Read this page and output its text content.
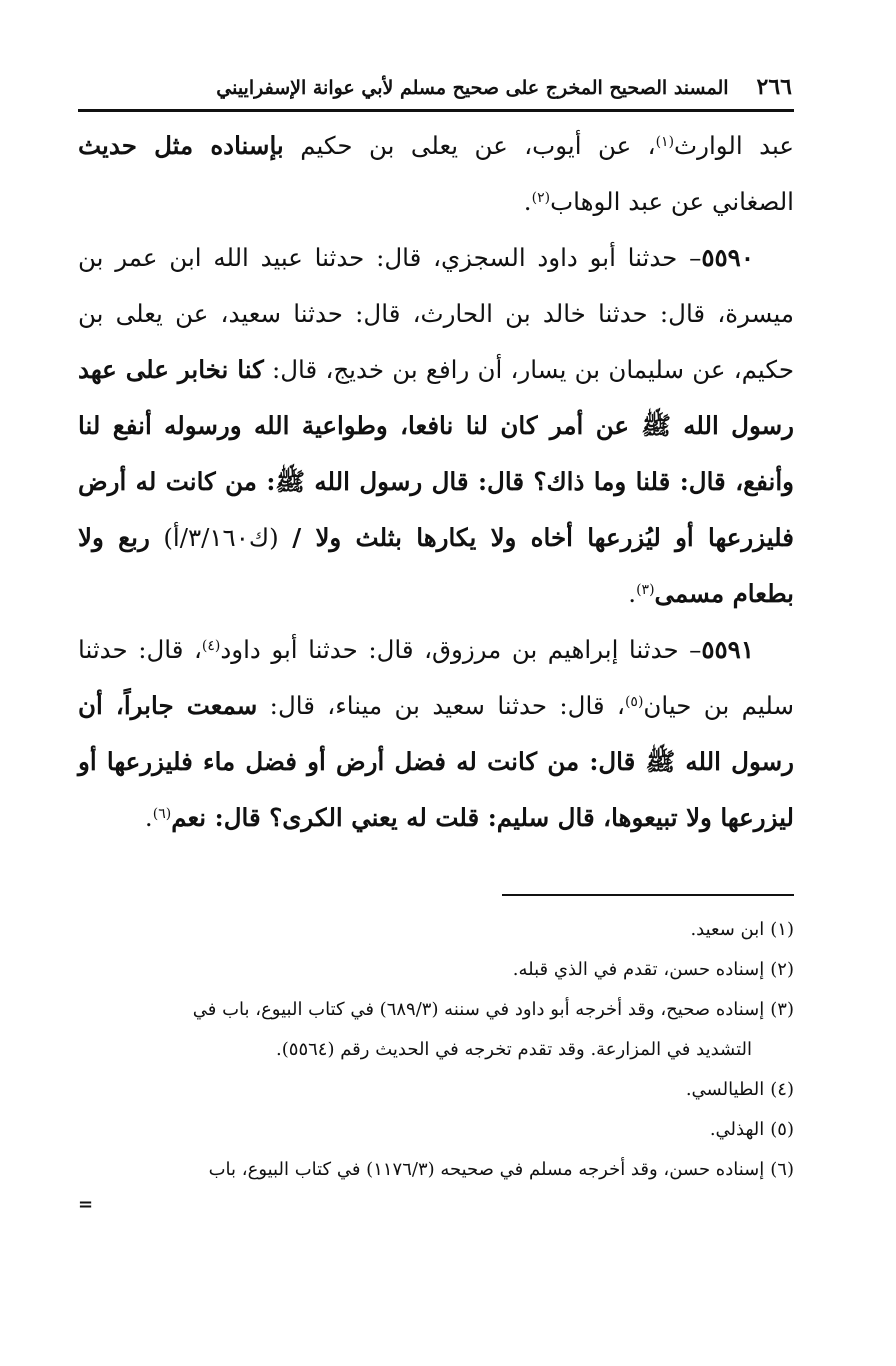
٢٦٦
المسند الصحيح المخرج على صحيح مسلم لأبي عوانة الإسفراييني

عبد الوارث$^{(١)}$، عن أيوب، عن يعلى بن حكيم بإسناده مثل حديث الصغاني عن عبد الوهاب$^{(٢)}$.

٥٥٩٠– حدثنا أبو داود السجزي، قال: حدثنا عبيد الله ابن عمر بن ميسرة، قال: حدثنا خالد بن الحارث، قال: حدثنا سعيد، عن يعلى بن حكيم، عن سليمان بن يسار، أن رافع بن خديج، قال: كنا نخابر على عهد رسول الله ﷺ عن أمر كان لنا نافعا، وطواعية الله ورسوله أنفع لنا وأنفع، قال: قلنا وما ذاك؟ قال: قال رسول الله ﷺ: من كانت له أرض فليزرعها أو ليُزرعها أخاه ولا يكارها بثلث ولا / (ك٣/١٦٠/أ) ربع ولا بطعام مسمى$^{(٣)}$.

٥٥٩١– حدثنا إبراهيم بن مرزوق، قال: حدثنا أبو داود$^{(٤)}$، قال: حدثنا سليم بن حيان$^{(٥)}$، قال: حدثنا سعيد بن ميناء، قال: سمعت جابراً، أن رسول الله ﷺ قال: من كانت له فضل أرض أو فضل ماء فليزرعها أو ليزرعها ولا تبيعوها، قال سليم: قلت له يعني الكرى؟ قال: نعم$^{(٦)}$.

(١)ابن سعيد.

(٢)إسناده حسن، تقدم في الذي قبله.

(٣)إسناده صحيح، وقد أخرجه أبو داود في سننه (٦٨٩/٣) في كتاب البيوع، باب في

التشديد في المزارعة. وقد تقدم تخرجه في الحديث رقم (٥٥٦٤).

(٤)الطيالسي.

(٥)الهذلي.

(٦)إسناده حسن، وقد أخرجه مسلم في صحيحه (١١٧٦/٣) في كتاب البيوع، باب

=
